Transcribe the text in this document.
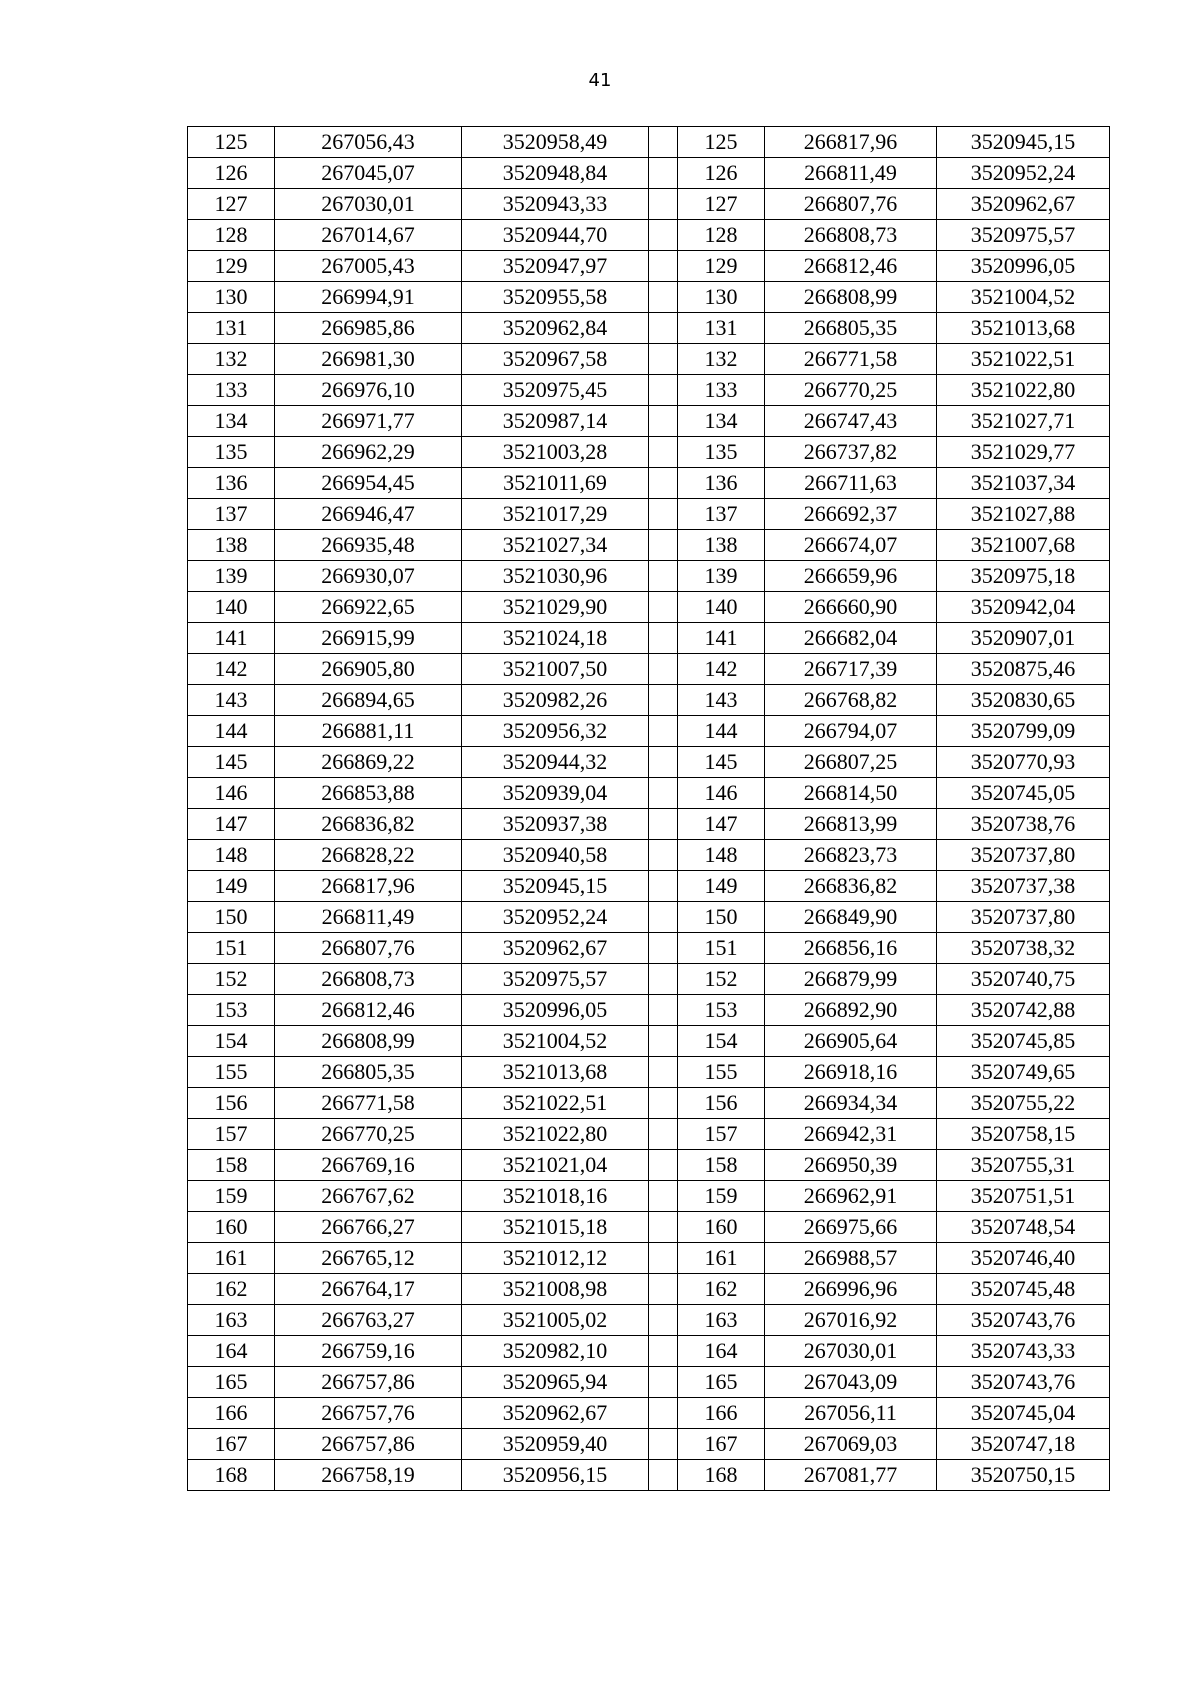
41
125	267056,43	3520958,49		125	266817,96	3520945,15
126	267045,07	3520948,84		126	266811,49	3520952,24
127	267030,01	3520943,33		127	266807,76	3520962,67
128	267014,67	3520944,70		128	266808,73	3520975,57
129	267005,43	3520947,97		129	266812,46	3520996,05
130	266994,91	3520955,58		130	266808,99	3521004,52
131	266985,86	3520962,84		131	266805,35	3521013,68
132	266981,30	3520967,58		132	266771,58	3521022,51
133	266976,10	3520975,45		133	266770,25	3521022,80
134	266971,77	3520987,14		134	266747,43	3521027,71
135	266962,29	3521003,28		135	266737,82	3521029,77
136	266954,45	3521011,69		136	266711,63	3521037,34
137	266946,47	3521017,29		137	266692,37	3521027,88
138	266935,48	3521027,34		138	266674,07	3521007,68
139	266930,07	3521030,96		139	266659,96	3520975,18
140	266922,65	3521029,90		140	266660,90	3520942,04
141	266915,99	3521024,18		141	266682,04	3520907,01
142	266905,80	3521007,50		142	266717,39	3520875,46
143	266894,65	3520982,26		143	266768,82	3520830,65
144	266881,11	3520956,32		144	266794,07	3520799,09
145	266869,22	3520944,32		145	266807,25	3520770,93
146	266853,88	3520939,04		146	266814,50	3520745,05
147	266836,82	3520937,38		147	266813,99	3520738,76
148	266828,22	3520940,58		148	266823,73	3520737,80
149	266817,96	3520945,15		149	266836,82	3520737,38
150	266811,49	3520952,24		150	266849,90	3520737,80
151	266807,76	3520962,67		151	266856,16	3520738,32
152	266808,73	3520975,57		152	266879,99	3520740,75
153	266812,46	3520996,05		153	266892,90	3520742,88
154	266808,99	3521004,52		154	266905,64	3520745,85
155	266805,35	3521013,68		155	266918,16	3520749,65
156	266771,58	3521022,51		156	266934,34	3520755,22
157	266770,25	3521022,80		157	266942,31	3520758,15
158	266769,16	3521021,04		158	266950,39	3520755,31
159	266767,62	3521018,16		159	266962,91	3520751,51
160	266766,27	3521015,18		160	266975,66	3520748,54
161	266765,12	3521012,12		161	266988,57	3520746,40
162	266764,17	3521008,98		162	266996,96	3520745,48
163	266763,27	3521005,02		163	267016,92	3520743,76
164	266759,16	3520982,10		164	267030,01	3520743,33
165	266757,86	3520965,94		165	267043,09	3520743,76
166	266757,76	3520962,67		166	267056,11	3520745,04
167	266757,86	3520959,40		167	267069,03	3520747,18
168	266758,19	3520956,15		168	267081,77	3520750,15
